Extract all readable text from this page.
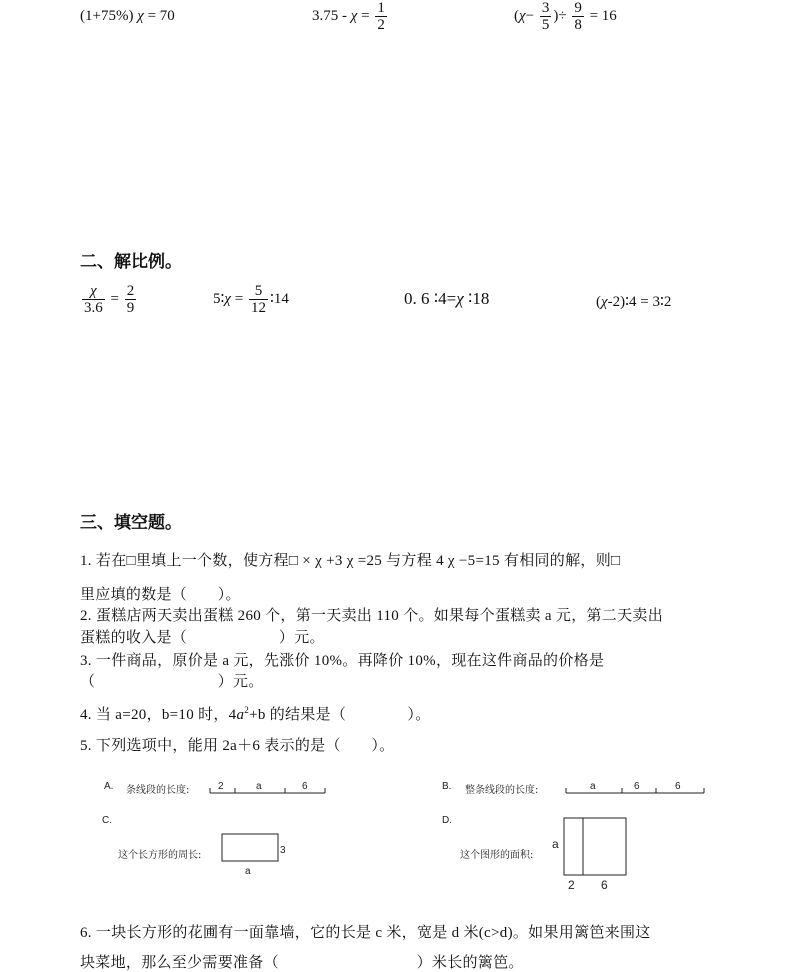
(1+75%) χ = 70	$3.75 - \chi = \frac{1}{2}$	($\chi- \frac{3}{5}$ )÷ $\frac{9}{8} = 16$
二、解比例。
$\frac{\chi}{3.6} = \frac{2}{9}$	5∶χ = $\frac{5}{12}$ ∶14	0. 6 ∶4=χ ∶18	(χ-2)∶4 = 3∶2
三、填空题。
1. 若在□里填上一个数，使方程□ × χ +3 χ =25 与方程 4 χ −5=15 有相同的解，则□
里应填的数是（　　）。
2. 蛋糕店两天卖出蛋糕 260 个，第一天卖出 110 个。如果每个蛋糕卖 a 元，第二天卖出
蛋糕的收入是（　　　　　　）元。
3. 一件商品，原价是 a 元，先涨价 10%。再降价 10%，现在这件商品的价格是
（　　　　　　　　）元。
4. 当 a=20，b=10 时，$4a^2+b$ 的结果是（　　　　）。
5. 下列选项中，能用 2a＋6 表示的是（　　）。
A. 条线段的长度:	2	a	6	B. 整条线段的长度:	a	6	6
C.
这个长方形的周长:	3
a
D.
这个图形的面积:
a
2 6
6. 一块长方形的花圃有一面靠墙，它的长是 c 米，宽是 d 米(c>d)。如果用篱笆来围这
块菜地，那么至少需要准备（　　　　　　　　　）米长的篱笆。
